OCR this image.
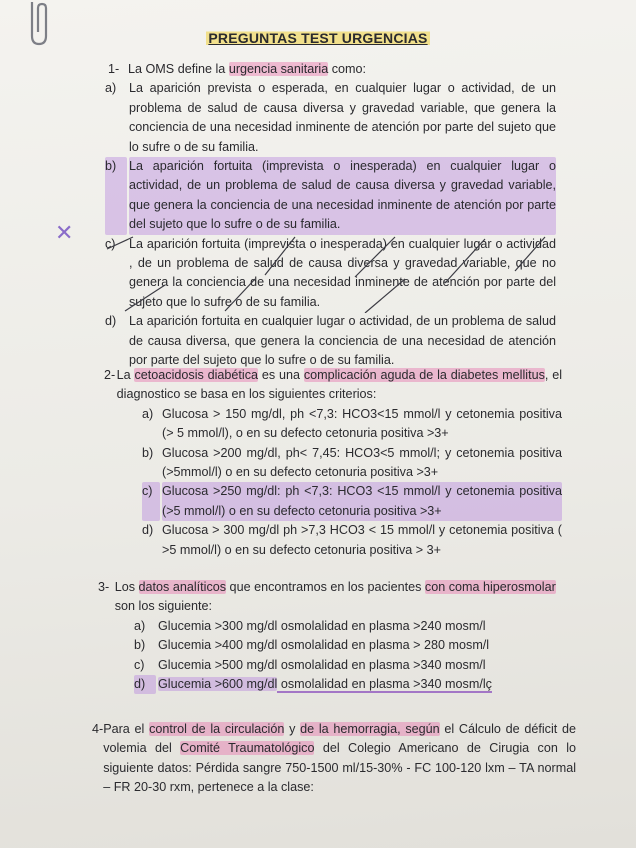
PREGUNTAS TEST URGENCIAS
1- La OMS define la urgencia sanitaria como:
a)	La aparición prevista o esperada, en cualquier lugar o actividad, de un problema de salud de causa diversa y gravedad variable, que genera la conciencia de una necesidad inminente de atención por parte del sujeto que lo sufre o de su familia.
b)	La aparición fortuita (imprevista o inesperada) en cualquier lugar o actividad, de un problema de salud de causa diversa y gravedad variable, que genera la conciencia de una necesidad inminente de atención por parte del sujeto que lo sufre o de su familia.
c)	La aparición fortuita (imprevista o inesperada) en cualquier lugar o actividad , de un problema de salud de causa diversa y gravedad variable, que no genera la conciencia de una necesidad inminente de atención por parte del sujeto que lo sufre o de su familia.
d)	La aparición fortuita en cualquier lugar o actividad, de un problema de salud de causa diversa, que genera la conciencia de una necesidad de atención por parte del sujeto que lo sufre o de su familia.
✕
2- La cetoacidosis diabética es una complicación aguda de la diabetes mellitus, el diagnostico se basa en los siguientes criterios:
a) Glucosa > 150 mg/dl, ph <7,3: HCO3<15 mmol/l y cetonemia positiva (> 5 mmol/l), o en su defecto cetonuria positiva >3+
b) Glucosa >200 mg/dl, ph< 7,45: HCO3<5 mmol/l; y cetonemia positiva (>5mmol/l) o en su defecto cetonuria positiva >3+
c) Glucosa >250 mg/dl: ph <7,3: HCO3 <15 mmol/l y cetonemia positiva (>5 mmol/l) o en su defecto cetonuria positiva >3+
d) Glucosa > 300 mg/dl ph >7,3 HCO3 < 15 mmol/l y cetonemia positiva ( >5 mmol/l) o en su defecto cetonuria positiva > 3+
3- Los datos analíticos que encontramos en los pacientes con coma hiperosmolar son los siguiente:
a)	Glucemia >300 mg/dl osmolalidad en plasma >240 mosm/l
b)	Glucemia >400 mg/dl osmolalidad en plasma > 280 mosm/l
c)	Glucemia >500 mg/dl osmolalidad en plasma >340 mosm/l
d)	Glucemia >600 mg/dl osmolalidad en plasma >340 mosm/lç
4- Para el control de la circulación y de la hemorragia, según el Cálculo de déficit de volemia del Comité Traumatológico del Colegio Americano de Cirugia con lo siguiente datos: Pérdida sangre 750-1500 ml/15-30% - FC 100-120 lxm – TA normal – FR 20-30 rxm, pertenece a la clase:
